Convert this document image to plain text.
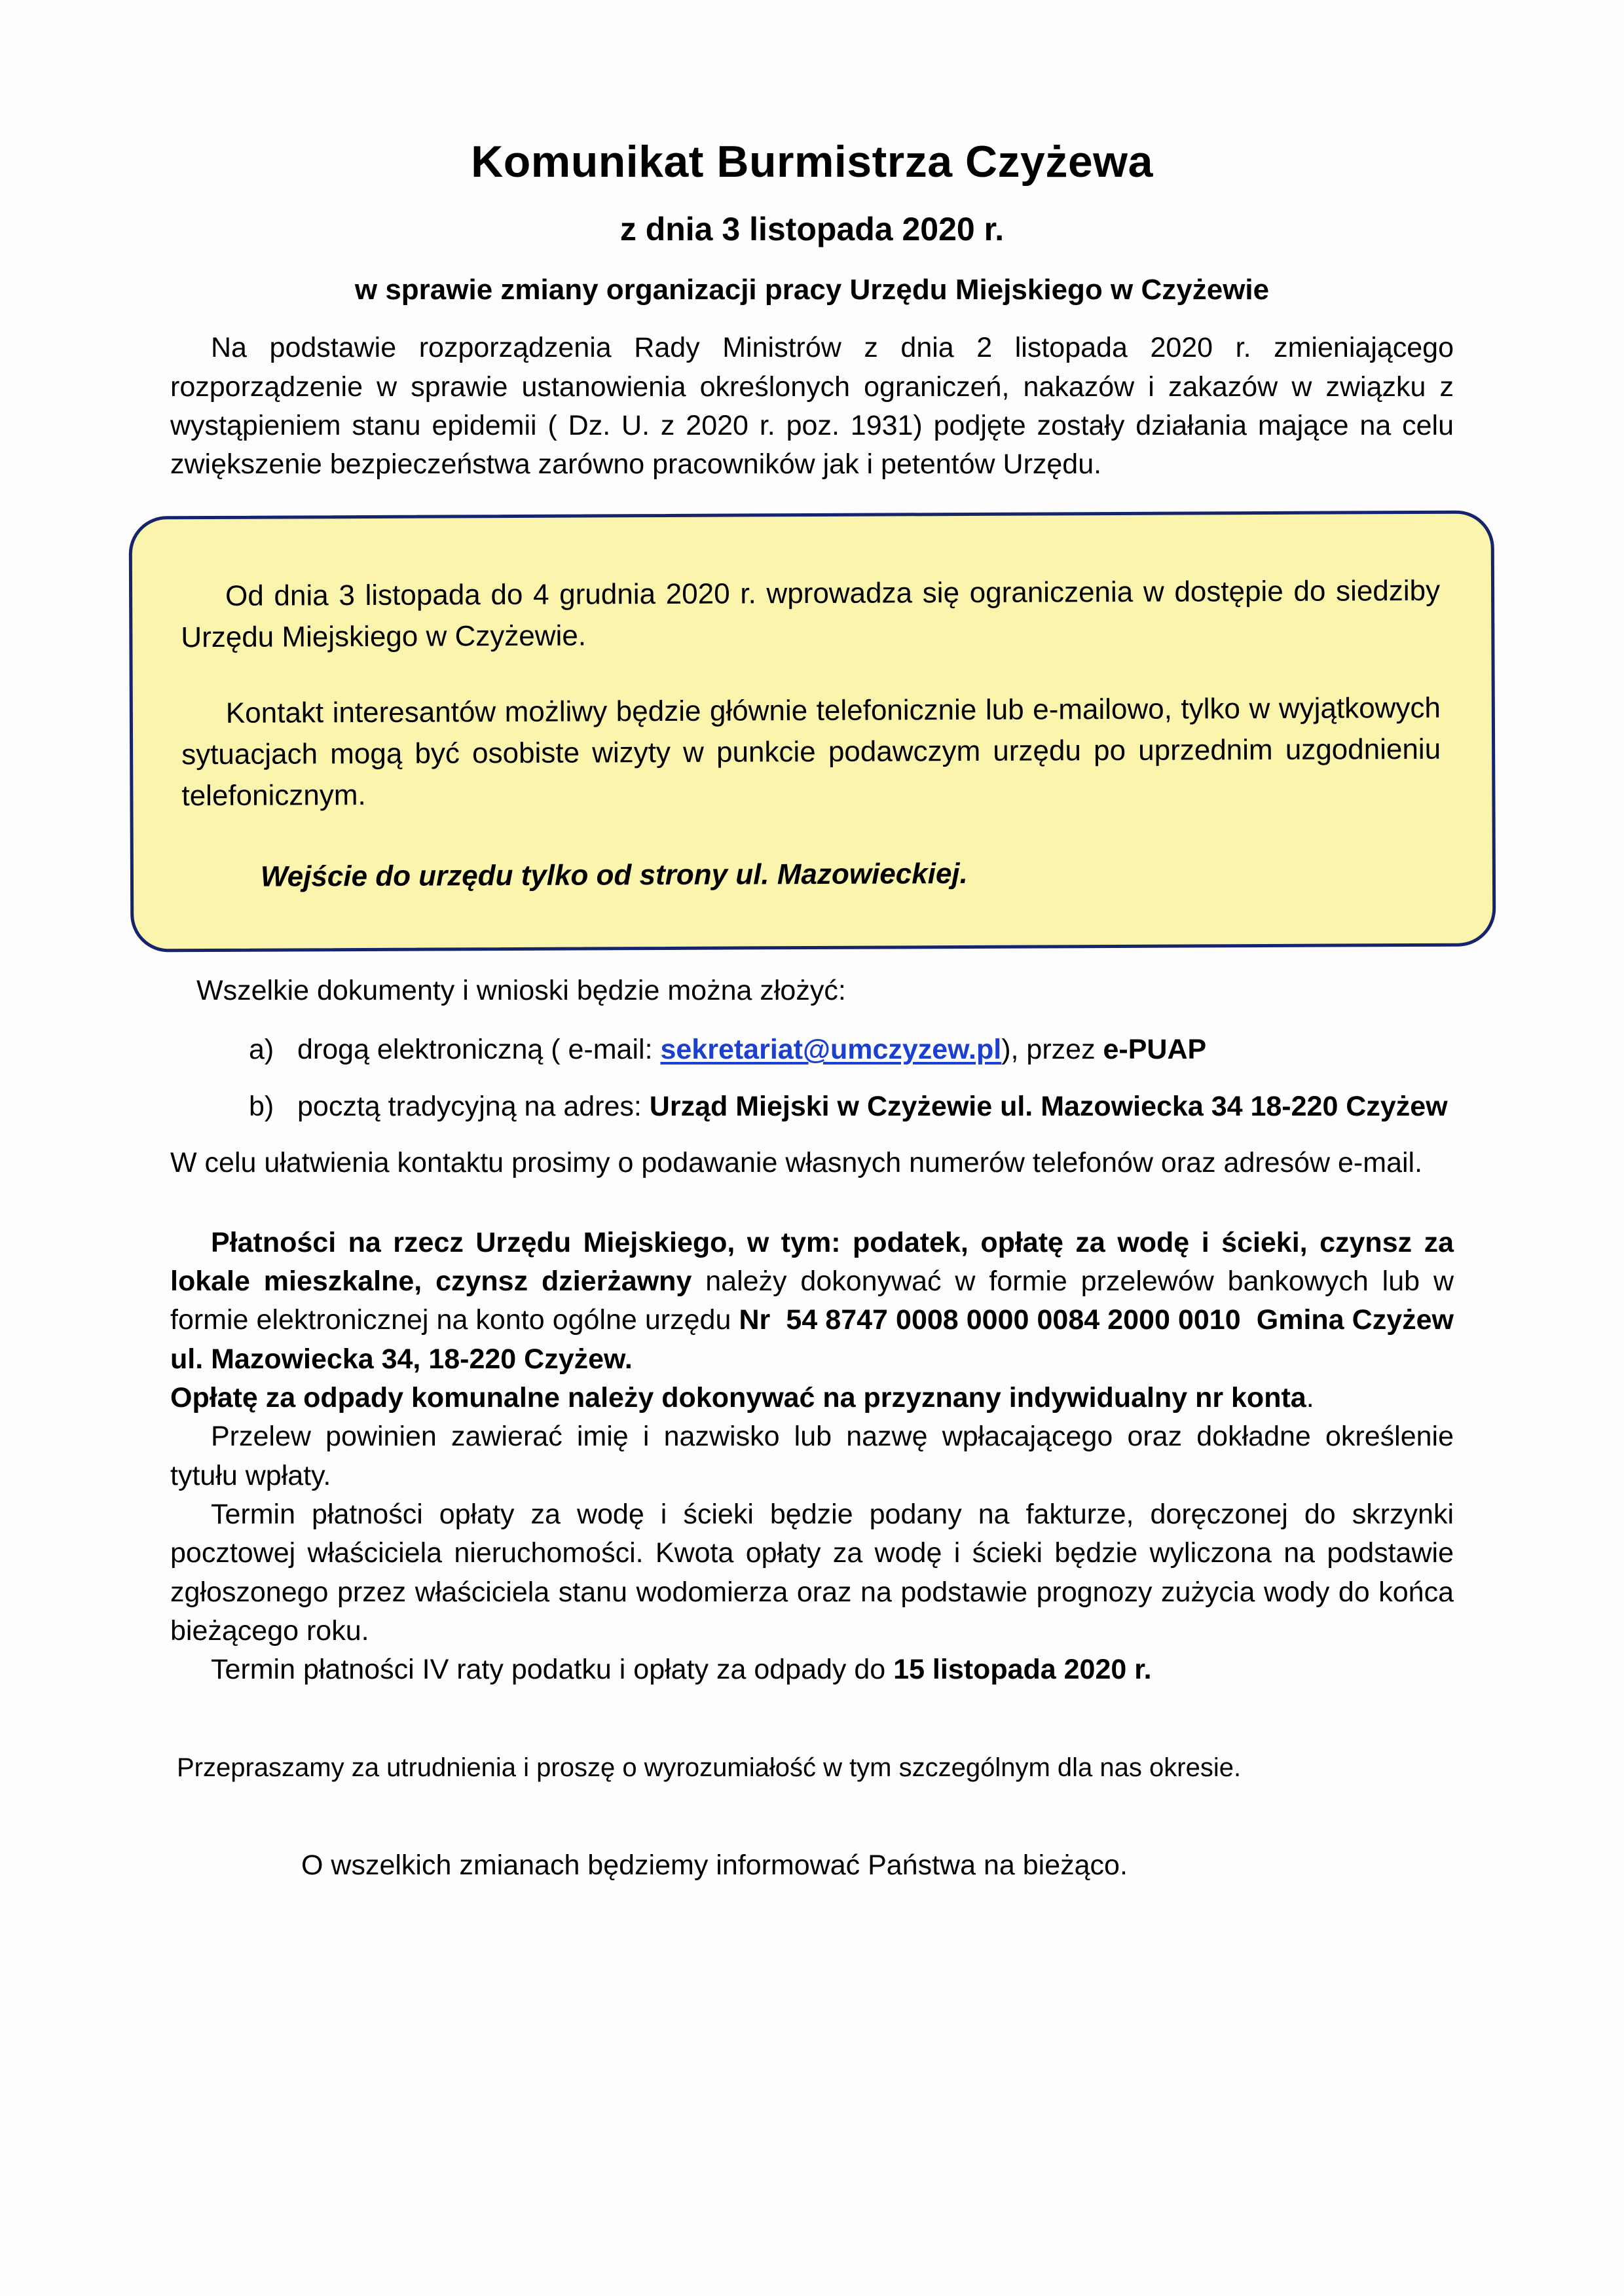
Komunikat Burmistrza Czyżewa
z dnia 3 listopada 2020 r.
w sprawie zmiany organizacji pracy Urzędu Miejskiego w Czyżewie

Na podstawie rozporządzenia Rady Ministrów z dnia 2 listopada 2020 r. zmieniającego rozporządzenie w sprawie ustanowienia określonych ograniczeń, nakazów i zakazów w związku z wystąpieniem stanu epidemii ( Dz. U. z 2020 r. poz. 1931) podjęte zostały działania mające na celu zwiększenie bezpieczeństwa zarówno pracowników jak i petentów Urzędu.

Od dnia 3 listopada do 4 grudnia 2020 r. wprowadza się ograniczenia w dostępie do siedziby Urzędu Miejskiego w Czyżewie.

Kontakt interesantów możliwy będzie głównie telefonicznie lub e-mailowo, tylko w wyjątkowych sytuacjach mogą być osobiste wizyty w punkcie podawczym urzędu po uprzednim uzgodnieniu telefonicznym.

Wejście do urzędu tylko od strony ul. Mazowieckiej.

Wszelkie dokumenty i wnioski będzie można złożyć:

a) drogą elektroniczną ( e-mail: sekretariat@umczyzew.pl), przez e-PUAP
b) pocztą tradycyjną na adres: Urząd Miejski w Czyżewie ul. Mazowiecka 34 18-220 Czyżew

W celu ułatwienia kontaktu prosimy o podawanie własnych numerów telefonów oraz adresów e-mail.

Płatności na rzecz Urzędu Miejskiego, w tym: podatek, opłatę za wodę i ścieki, czynsz za lokale mieszkalne, czynsz dzierżawny należy dokonywać w formie przelewów bankowych lub w formie elektronicznej na konto ogólne urzędu Nr 54 8747 0008 0000 0084 2000 0010 Gmina Czyżew ul. Mazowiecka 34, 18-220 Czyżew.

Opłatę za odpady komunalne należy dokonywać na przyznany indywidualny nr konta.

Przelew powinien zawierać imię i nazwisko lub nazwę wpłacającego oraz dokładne określenie tytułu wpłaty.

Termin płatności opłaty za wodę i ścieki będzie podany na fakturze, doręczonej do skrzynki pocztowej właściciela nieruchomości. Kwota opłaty za wodę i ścieki będzie wyliczona na podstawie zgłoszonego przez właściciela stanu wodomierza oraz na podstawie prognozy zużycia wody do końca bieżącego roku.

Termin płatności IV raty podatku i opłaty za odpady do 15 listopada 2020 r.

Przepraszamy za utrudnienia i proszę o wyrozumiałość w tym szczególnym dla nas okresie.

O wszelkich zmianach będziemy informować Państwa na bieżąco.
